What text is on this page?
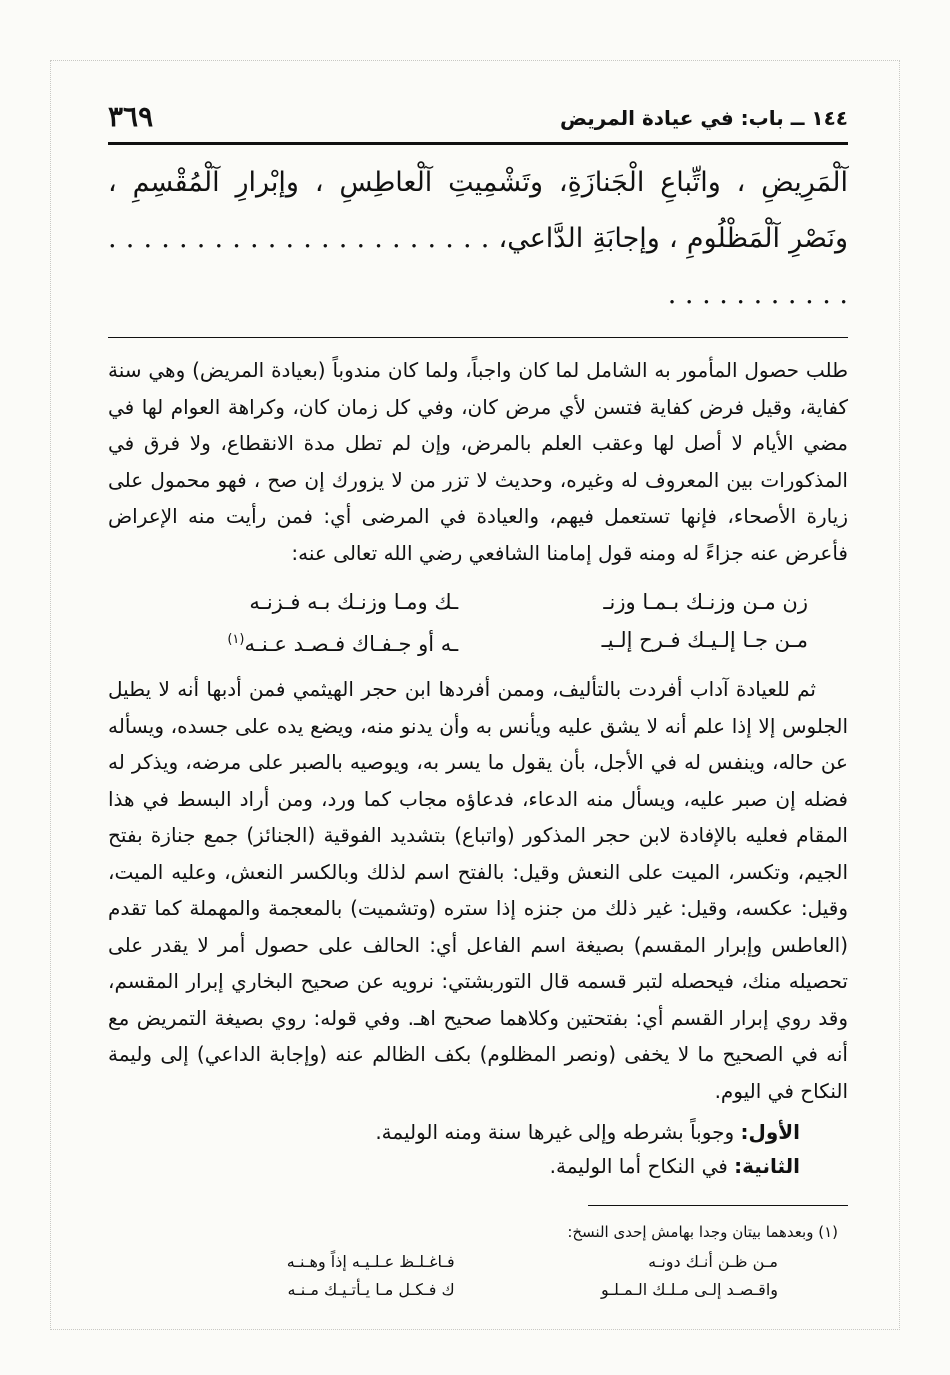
١٤٤ ــ باب: في عيادة المريض
٣٦٩
آلْمَرِيضِ ، واتِّباعِ الْجَنازَةِ، وتَشْمِيتِ آلْعاطِسِ ، وإبْرارِ آلْمُقْسِمِ ، ونَصْرِ آلْمَظْلُومِ ، وإجابَةِ الدَّاعي، . . . . . . . . . . . . . . . . . . . . . . . . . . . . . . . . .

طلب حصول المأمور به الشامل لما كان واجباً، ولما كان مندوباً (بعيادة المريض) وهي سنة كفاية، وقيل فرض كفاية فتسن لأي مرض كان، وفي كل زمان كان، وكراهة العوام لها في مضي الأيام لا أصل لها وعقب العلم بالمرض، وإن لم تطل مدة الانقطاع، ولا فرق في المذكورات بين المعروف له وغيره، وحديث لا تزر من لا يزورك إن صح ، فهو محمول على زيارة الأصحاء، فإنها تستعمل فيهم، والعيادة في المرضى أي: فمن رأيت منه الإعراض فأعرض عنه جزاءً له ومنه قول إمامنا الشافعي رضي الله تعالى عنه:

زن مـن وزنـك بـمـا وزنـ
ـك ومـا وزنـك بـه فـزنـه
مـن جـا إلـيـك فـرح إلـيـ
ـه أو جـفـاك فـصـد عـنـه$^{(١)}$

ثم للعيادة آداب أفردت بالتأليف، وممن أفردها ابن حجر الهيثمي فمن أدبها أنه لا يطيل الجلوس إلا إذا علم أنه لا يشق عليه ويأنس به وأن يدنو منه، ويضع يده على جسده، ويسأله عن حاله، وينفس له في الأجل، بأن يقول ما يسر به، ويوصيه بالصبر على مرضه، ويذكر له فضله إن صبر عليه، ويسأل منه الدعاء، فدعاؤه مجاب كما ورد، ومن أراد البسط في هذا المقام فعليه بالإفادة لابن حجر المذكور (واتباع) بتشديد الفوقية (الجنائز) جمع جنازة بفتح الجيم، وتكسر، الميت على النعش وقيل: بالفتح اسم لذلك وبالكسر النعش، وعليه الميت، وقيل: عكسه، وقيل: غير ذلك من جنزه إذا ستره (وتشميت) بالمعجمة والمهملة كما تقدم (العاطس وإبرار المقسم) بصيغة اسم الفاعل أي: الحالف على حصول أمر لا يقدر على تحصيله منك، فيحصله لتبر قسمه قال التوربشتي: نرويه عن صحيح البخاري إبرار المقسم، وقد روي إبرار القسم أي: بفتحتين وكلاهما صحيح اهـ. وفي قوله: روي بصيغة التمريض مع أنه في الصحيح ما لا يخفى (ونصر المظلوم) بكف الظالم عنه (وإجابة الداعي) إلى وليمة النكاح في اليوم.

الأول: وجوباً بشرطه وإلى غيرها سنة ومنه الوليمة.
الثانية: في النكاح أما الوليمة.
(١) وبعدهما بيتان وجدا بهامش إحدى النسخ:
مـن ظـن أنـك دونـه
فـاغـلـظ عـلـيـه إذاً وهـنـه
واقـصـد إلـى مـلـك الـمـلـو
ك فـكـل مـا يـأتـيـك مـنـه
